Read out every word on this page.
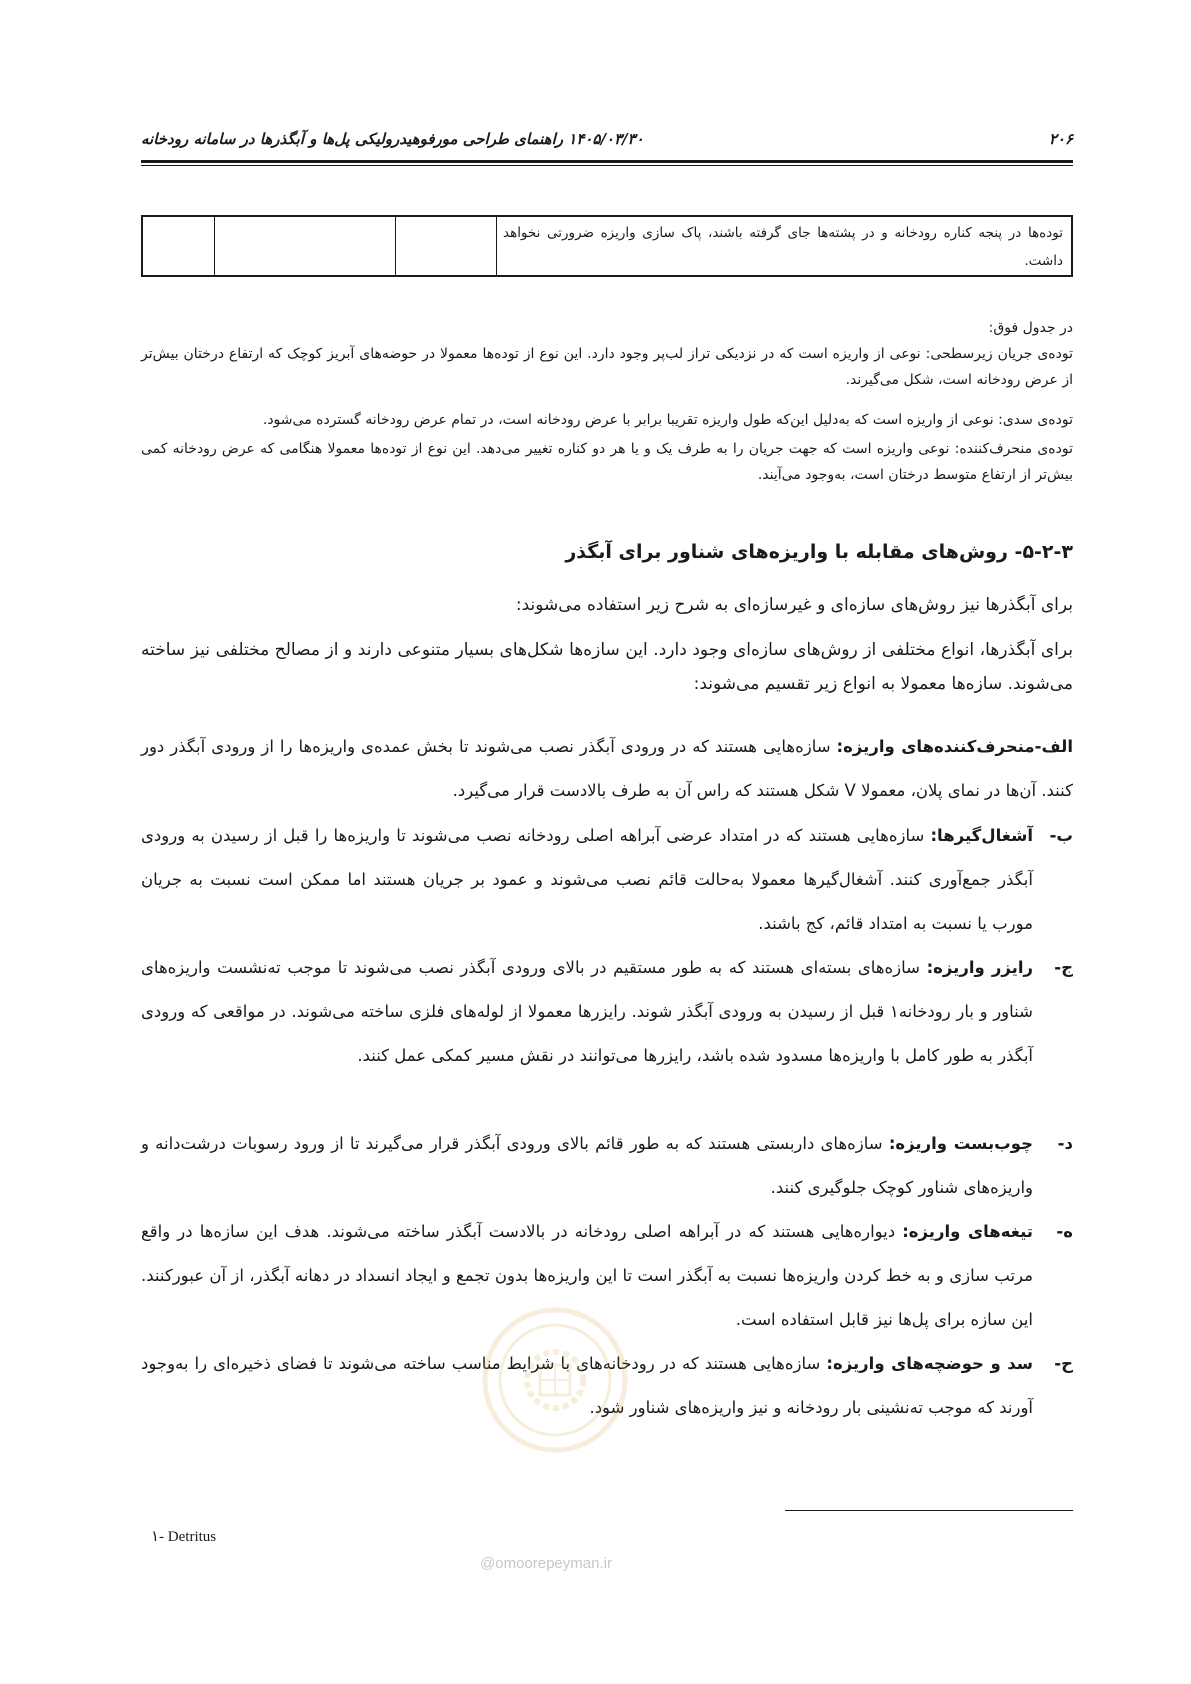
۲۰۶
۱۴۰۵/۰۳/۳۰ راهنمای طراحی مورفوهیدرولیکی پل‌ها و آبگذرها در سامانه رودخانه
توده‌ها در پنجه کناره رودخانه و در پشته‌ها جای گرفته باشند، پاک سازی واریزه ضرورتی نخواهد داشت.			
در جدول فوق:
توده‌ی جریان زیرسطحی: نوعی از واریزه است که در نزدیکی تراز لب‌پر وجود دارد. این نوع از توده‌ها معمولا در حوضه‌های آبریز کوچک که ارتفاع درختان بیش‌تر از عرض رودخانه است، شکل می‌گیرند.
توده‌ی سدی: نوعی از واریزه است که به‌دلیل این‌که طول واریزه تقریبا برابر با عرض رودخانه است، در تمام عرض رودخانه گسترده می‌شود.
توده‌ی منحرف‌کننده: نوعی واریزه است که جهت جریان را به طرف یک و یا هر دو کناره تغییر می‌دهد. این نوع از توده‌ها معمولا هنگامی که عرض رودخانه کمی بیش‌تر از ارتفاع متوسط درختان است، به‌وجود می‌آیند.
۵-۲-۳- روش‌های مقابله با واریزه‌های شناور برای آبگذر
برای آبگذرها نیز روش‌های سازه‌ای و غیرسازه‌ای به شرح زیر استفاده می‌شوند:
برای آبگذرها، انواع مختلفی از روش‌های سازه‌ای وجود دارد. این سازه‌ها شکل‌های بسیار متنوعی دارند و از مصالح مختلفی نیز ساخته می‌شوند. سازه‌ها معمولا به انواع زیر تقسیم می‌شوند:
الف-منحرف‌کننده‌های واریزه: سازه‌هایی هستند که در ورودی آبگذر نصب می‌شوند تا بخش عمده‌ی واریزه‌ها را از ورودی آبگذر دور کنند. آن‌ها در نمای پلان، معمولا V شکل هستند که راس آن به طرف بالادست قرار می‌گیرد.
ب-
آشغال‌گیرها: سازه‌هایی هستند که در امتداد عرضی آبراهه اصلی رودخانه نصب می‌شوند تا واریزه‌ها را قبل از رسیدن به ورودی آبگذر جمع‌آوری کنند. آشغال‌گیرها معمولا به‌حالت قائم نصب می‌شوند و عمود بر جریان هستند اما ممکن است نسبت به جریان مورب یا نسبت به امتداد قائم، کج باشند.
ج-
رایزر واریزه: سازه‌های بسته‌ای هستند که به طور مستقیم در بالای ورودی آبگذر نصب می‌شوند تا موجب ته‌نشست واریزه‌های شناور و بار رودخانه۱ قبل از رسیدن به ورودی آبگذر شوند. رایزرها معمولا از لوله‌های فلزی ساخته می‌شوند. در مواقعی که ورودی آبگذر به طور کامل با واریزه‌ها مسدود شده باشد، رایزرها می‌توانند در نقش مسیر کمکی عمل کنند.
د-
چوب‌بست واریزه: سازه‌های داربستی هستند که به طور قائم بالای ورودی آبگذر قرار می‌گیرند تا از ورود رسوبات درشت‌دانه و واریزه‌های شناور کوچک جلوگیری کنند.
ه-
تیغه‌های واریزه: دیواره‌هایی هستند که در آبراهه اصلی رودخانه در بالادست آبگذر ساخته می‌شوند. هدف این سازه‌ها در واقع مرتب سازی و به خط کردن واریزه‌ها نسبت به آبگذر است تا این واریزه‌ها بدون تجمع و ایجاد انسداد در دهانه آبگذر، از آن عبورکنند. این سازه برای پل‌ها نیز قابل استفاده است.
ح-
سد و حوضچه‌های واریزه: سازه‌هایی هستند که در رودخانه‌های با شرایط مناسب ساخته می‌شوند تا فضای ذخیره‌ای را به‌وجود آورند که موجب ته‌نشینی بار رودخانه و نیز واریزه‌های شناور شود.
@omoorepeyman.ir
۱- Detritus
